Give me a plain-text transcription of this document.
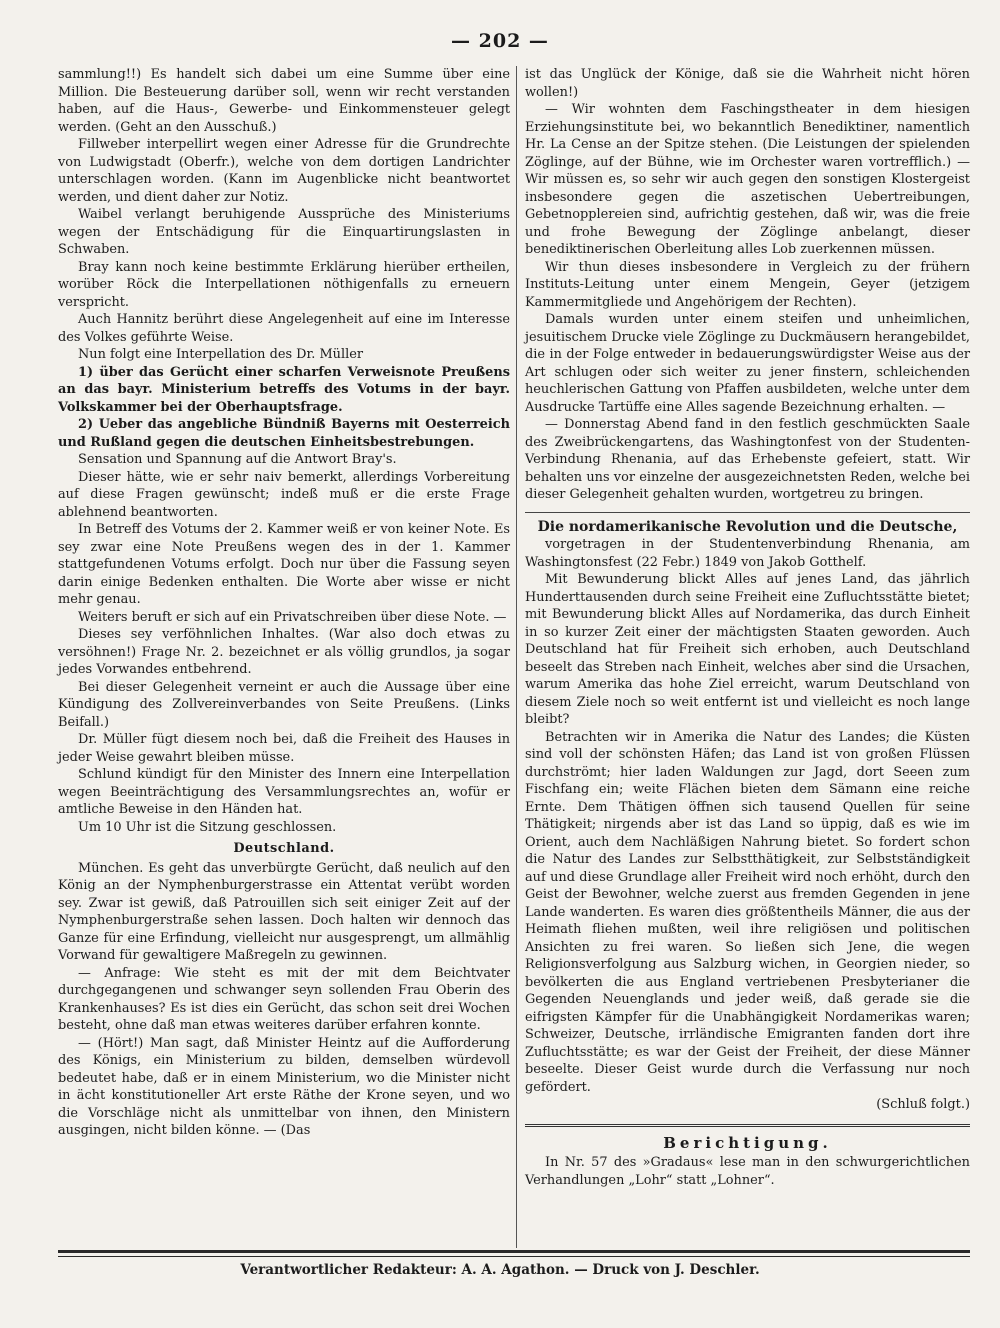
— 202 —

sammlung!!) Es handelt sich dabei um eine Summe über eine Million. Die Besteuerung darüber soll, wenn wir recht verstanden haben, auf die Haus-, Gewerbe- und Einkommensteuer gelegt werden. (Geht an den Ausschuß.)

Fillweber interpellirt wegen einer Adresse für die Grundrechte von Ludwigstadt (Oberfr.), welche von dem dortigen Landrichter unterschlagen worden. (Kann im Augenblicke nicht beantwortet werden, und dient daher zur Notiz.

Waibel verlangt beruhigende Aussprüche des Ministeriums wegen der Entschädigung für die Einquartirungslasten in Schwaben.

Bray kann noch keine bestimmte Erklärung hierüber ertheilen, worüber Röck die Interpellationen nöthigenfalls zu erneuern verspricht.

Auch Hannitz berührt diese Angelegenheit auf eine im Interesse des Volkes geführte Weise.

Nun folgt eine Interpellation des Dr. Müller

1) über das Gerücht einer scharfen Verweisnote Preußens an das bayr. Ministerium betreffs des Votums in der bayr. Volkskammer bei der Oberhauptsfrage.

2) Ueber das angebliche Bündniß Bayerns mit Oesterreich und Rußland gegen die deutschen Einheitsbestrebungen.

Sensation und Spannung auf die Antwort Bray's.

Dieser hätte, wie er sehr naiv bemerkt, allerdings Vorbereitung auf diese Fragen gewünscht; indeß muß er die erste Frage ablehnend beantworten.

In Betreff des Votums der 2. Kammer weiß er von keiner Note. Es sey zwar eine Note Preußens wegen des in der 1. Kammer stattgefundenen Votums erfolgt. Doch nur über die Fassung seyen darin einige Bedenken enthalten. Die Worte aber wisse er nicht mehr genau.

Weiters beruft er sich auf ein Privatschreiben über diese Note. —

Dieses sey verföhnlichen Inhaltes. (War also doch etwas zu versöhnen!) Frage Nr. 2. bezeichnet er als völlig grundlos, ja sogar jedes Vorwandes entbehrend.

Bei dieser Gelegenheit verneint er auch die Aussage über eine Kündigung des Zollvereinverbandes von Seite Preußens. (Links Beifall.)

Dr. Müller fügt diesem noch bei, daß die Freiheit des Hauses in jeder Weise gewahrt bleiben müsse.

Schlund kündigt für den Minister des Innern eine Interpellation wegen Beeinträchtigung des Versammlungsrechtes an, wofür er amtliche Beweise in den Händen hat.

Um 10 Uhr ist die Sitzung geschlossen.

Deutschland.

München. Es geht das unverbürgte Gerücht, daß neulich auf den König an der Nymphenburgerstrasse ein Attentat verübt worden sey. Zwar ist gewiß, daß Patrouillen sich seit einiger Zeit auf der Nymphenburgerstraße sehen lassen. Doch halten wir dennoch das Ganze für eine Erfindung, vielleicht nur ausgesprengt, um allmählig Vorwand für gewaltigere Maßregeln zu gewinnen.

— Anfrage: Wie steht es mit der mit dem Beichtvater durchgegangenen und schwanger seyn sollenden Frau Oberin des Krankenhauses? Es ist dies ein Gerücht, das schon seit drei Wochen besteht, ohne daß man etwas weiteres darüber erfahren konnte.

— (Hört!) Man sagt, daß Minister Heintz auf die Aufforderung des Königs, ein Ministerium zu bilden, demselben würdevoll bedeutet habe, daß er in einem Ministerium, wo die Minister nicht in ächt konstitutioneller Art erste Räthe der Krone seyen, und wo die Vorschläge nicht als unmittelbar von ihnen, den Ministern ausgingen, nicht bilden könne. — (Das

ist das Unglück der Könige, daß sie die Wahrheit nicht hören wollen!)

— Wir wohnten dem Faschingstheater in dem hiesigen Erziehungsinstitute bei, wo bekanntlich Benediktiner, namentlich Hr. La Cense an der Spitze stehen. (Die Leistungen der spielenden Zöglinge, auf der Bühne, wie im Orchester waren vortrefflich.) — Wir müssen es, so sehr wir auch gegen den sonstigen Klostergeist insbesondere gegen die aszetischen Uebertreibungen, Gebetnopplereien sind, aufrichtig gestehen, daß wir, was die freie und frohe Bewegung der Zöglinge anbelangt, dieser benediktinerischen Oberleitung alles Lob zuerkennen müssen.

Wir thun dieses insbesondere in Vergleich zu der frühern Instituts-Leitung unter einem Mengein, Geyer (jetzigem Kammermitgliede und Angehörigem der Rechten).

Damals wurden unter einem steifen und unheimlichen, jesuitischem Drucke viele Zöglinge zu Duckmäusern herangebildet, die in der Folge entweder in bedauerungswürdigster Weise aus der Art schlugen oder sich weiter zu jener finstern, schleichenden heuchlerischen Gattung von Pfaffen ausbildeten, welche unter dem Ausdrucke Tartüffe eine Alles sagende Bezeichnung erhalten. —

— Donnerstag Abend fand in den festlich geschmückten Saale des Zweibrückengartens, das Washingtonfest von der Studenten-Verbindung Rhenania, auf das Erhebenste gefeiert, statt. Wir behalten uns vor einzelne der ausgezeichnetsten Reden, welche bei dieser Gelegenheit gehalten wurden, wortgetreu zu bringen.

Die nordamerikanische Revolution und die Deutsche,

vorgetragen in der Studentenverbindung Rhenania, am Washingtonsfest (22 Febr.) 1849 von Jakob Gotthelf.

Mit Bewunderung blickt Alles auf jenes Land, das jährlich Hunderttausenden durch seine Freiheit eine Zufluchtsstätte bietet; mit Bewunderung blickt Alles auf Nordamerika, das durch Einheit in so kurzer Zeit einer der mächtigsten Staaten geworden. Auch Deutschland hat für Freiheit sich erhoben, auch Deutschland beseelt das Streben nach Einheit, welches aber sind die Ursachen, warum Amerika das hohe Ziel erreicht, warum Deutschland von diesem Ziele noch so weit entfernt ist und vielleicht es noch lange bleibt?

Betrachten wir in Amerika die Natur des Landes; die Küsten sind voll der schönsten Häfen; das Land ist von großen Flüssen durchströmt; hier laden Waldungen zur Jagd, dort Seeen zum Fischfang ein; weite Flächen bieten dem Sämann eine reiche Ernte. Dem Thätigen öffnen sich tausend Quellen für seine Thätigkeit; nirgends aber ist das Land so üppig, daß es wie im Orient, auch dem Nachläßigen Nahrung bietet. So fordert schon die Natur des Landes zur Selbstthätigkeit, zur Selbstständigkeit auf und diese Grundlage aller Freiheit wird noch erhöht, durch den Geist der Bewohner, welche zuerst aus fremden Gegenden in jene Lande wanderten. Es waren dies größtentheils Männer, die aus der Heimath fliehen mußten, weil ihre religiösen und politischen Ansichten zu frei waren. So ließen sich Jene, die wegen Religionsverfolgung aus Salzburg wichen, in Georgien nieder, so bevölkerten die aus England vertriebenen Presbyterianer die Gegenden Neuenglands und jeder weiß, daß gerade sie die eifrigsten Kämpfer für die Unabhängigkeit Nordamerikas waren; Schweizer, Deutsche, irrländische Emigranten fanden dort ihre Zufluchtsstätte; es war der Geist der Freiheit, der diese Männer beseelte. Dieser Geist wurde durch die Verfassung nur noch gefördert.

(Schluß folgt.)

Berichtigung.

In Nr. 57 des »Gradaus« lese man in den schwurgerichtlichen Verhandlungen „Lohr“ statt „Lohner“.

Verantwortlicher Redakteur: A. A. Agathon. — Druck von J. Deschler.
